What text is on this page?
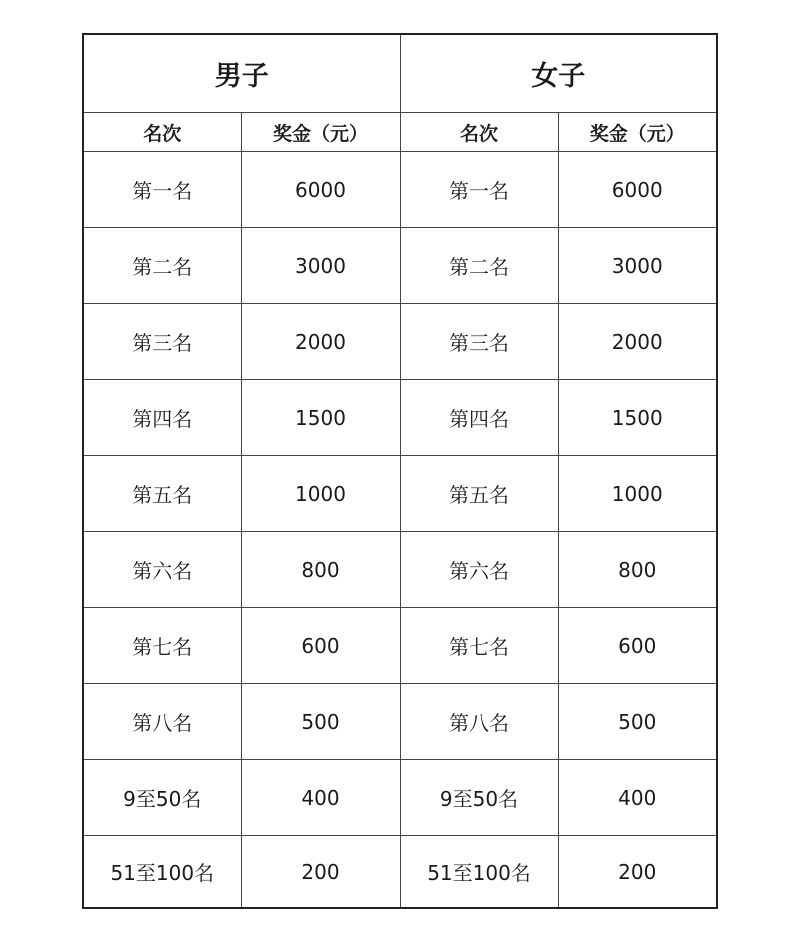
男子		女子	
名次	奖金（元）	名次	奖金（元）
第一名	6000	第一名	6000
第二名	3000	第二名	3000
第三名	2000	第三名	2000
第四名	1500	第四名	1500
第五名	1000	第五名	1000
第六名	800	第六名	800
第七名	600	第七名	600
第八名	500	第八名	500
9至50名	400	9至50名	400
51至100名	200	51至100名	200
